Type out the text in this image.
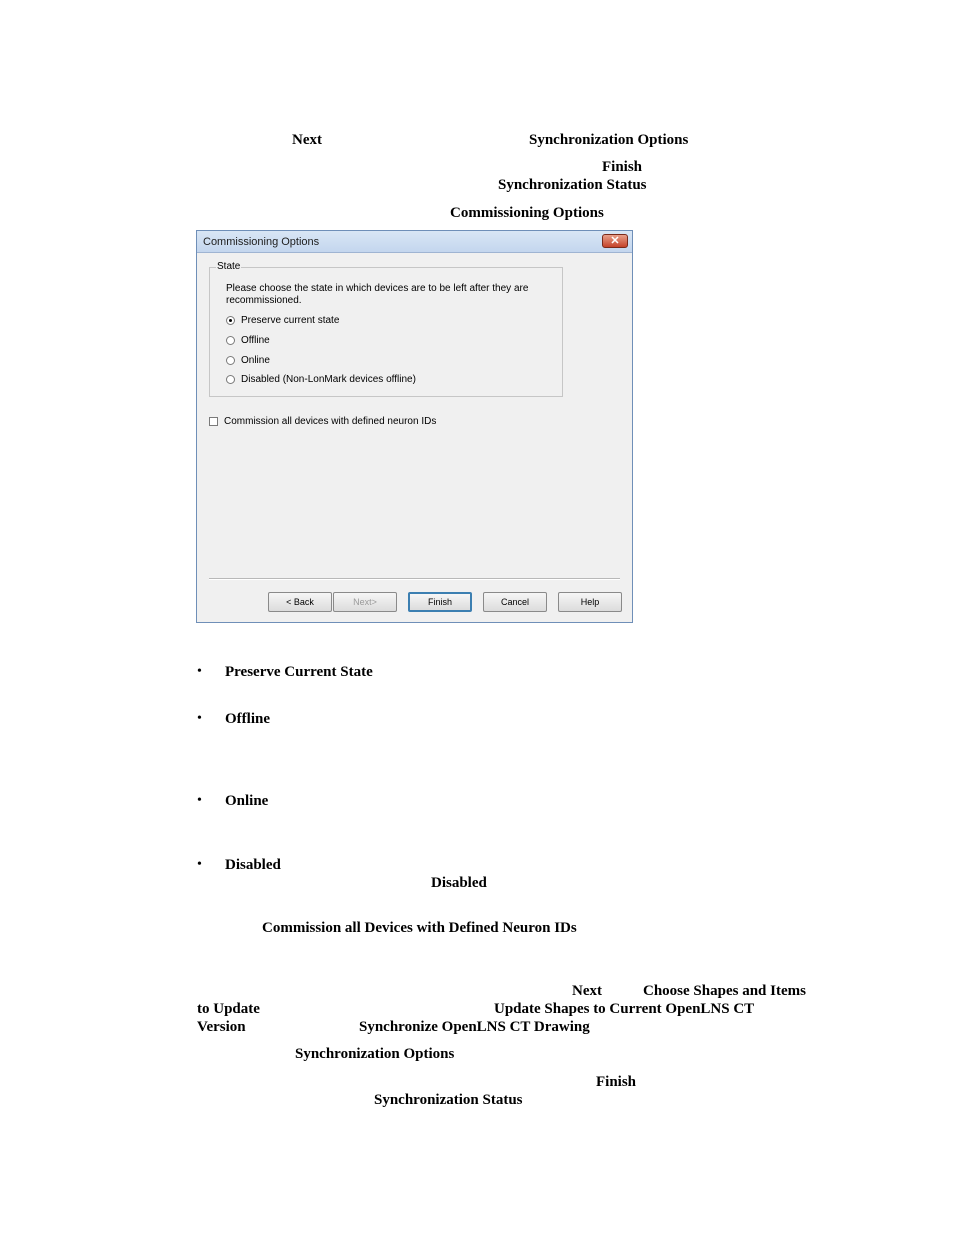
Next	Synchronization Options
Finish
Synchronization Status
Commissioning Options
Commissioning Options	✕
State
Please choose the state in which devices are to be left after they are recommissioned.
Preserve current state
Offline
Online
Disabled (Non-LonMark devices offline)
Commission all devices with defined neuron IDs
< Back	Next>	Finish	Cancel	Help
• Preserve Current State
• Offline
• Online
• Disabled
Disabled
Commission all Devices with Defined Neuron IDs
Next	Choose Shapes and Items
to Update	Update Shapes to Current OpenLNS CT
Version	Synchronize OpenLNS CT Drawing
Synchronization Options
Finish
Synchronization Status
